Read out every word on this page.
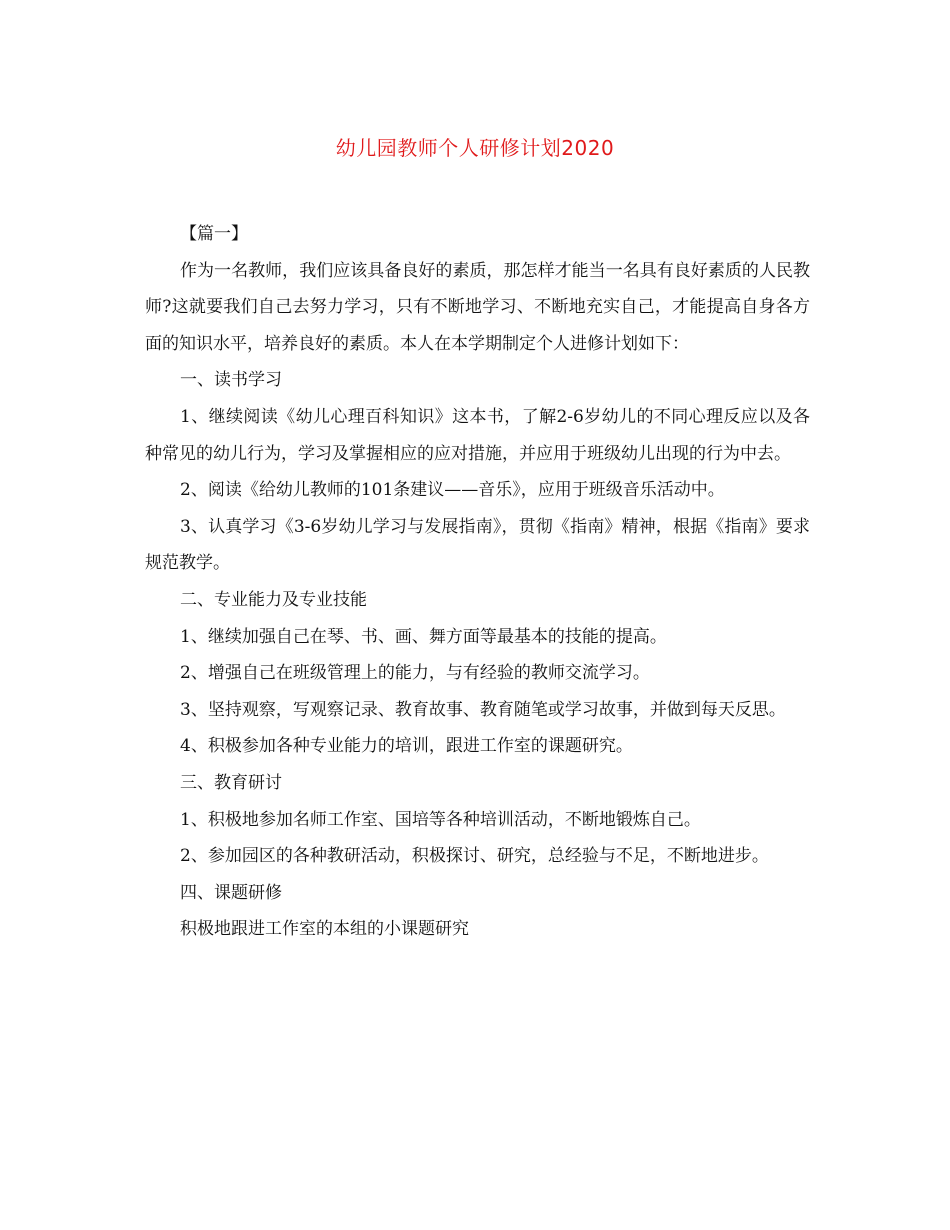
幼儿园教师个人研修计划2020

【篇一】

作为一名教师，我们应该具备良好的素质，那怎样才能当一名具有良好素质的人民教师?这就要我们自己去努力学习，只有不断地学习、不断地充实自己，才能提高自身各方面的知识水平，培养良好的素质。本人在本学期制定个人进修计划如下：

一、读书学习

1、继续阅读《幼儿心理百科知识》这本书，了解2-6岁幼儿的不同心理反应以及各种常见的幼儿行为，学习及掌握相应的应对措施，并应用于班级幼儿出现的行为中去。

2、阅读《给幼儿教师的101条建议——音乐》，应用于班级音乐活动中。

3、认真学习《3-6岁幼儿学习与发展指南》，贯彻《指南》精神，根据《指南》要求规范教学。

二、专业能力及专业技能

1、继续加强自己在琴、书、画、舞方面等最基本的技能的提高。

2、增强自己在班级管理上的能力，与有经验的教师交流学习。

3、坚持观察，写观察记录、教育故事、教育随笔或学习故事，并做到每天反思。

4、积极参加各种专业能力的培训，跟进工作室的课题研究。

三、教育研讨

1、积极地参加名师工作室、国培等各种培训活动，不断地锻炼自己。

2、参加园区的各种教研活动，积极探讨、研究，总经验与不足，不断地进步。

四、课题研修

积极地跟进工作室的本组的小课题研究
